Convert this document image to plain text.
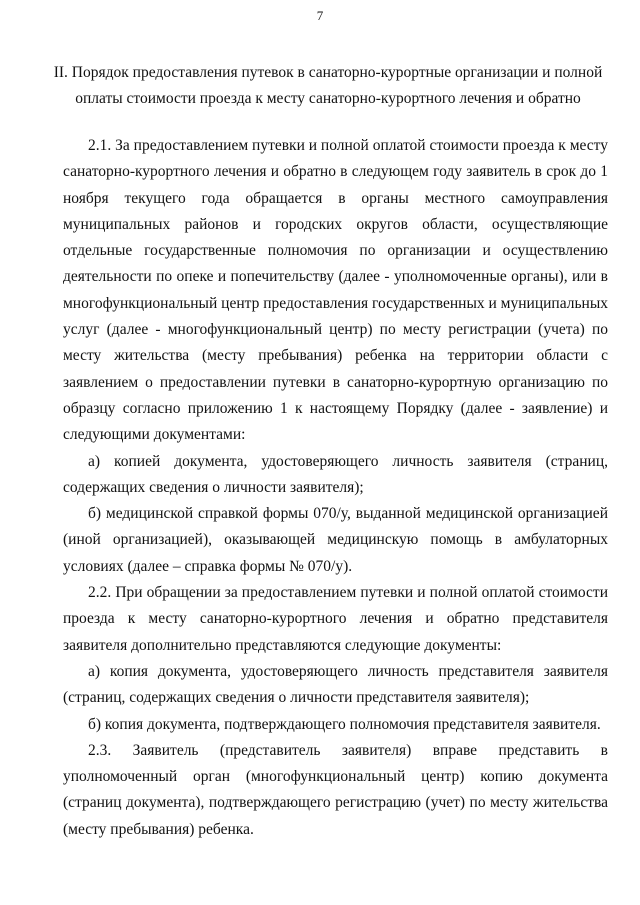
7
II. Порядок предоставления путевок в санаторно-курортные организации и полной оплаты стоимости проезда к месту санаторно-курортного лечения и обратно

2.1. За предоставлением путевки и полной оплатой стоимости проезда к месту санаторно-курортного лечения и обратно в следующем году заявитель в срок до 1 ноября текущего года обращается в органы местного самоуправления муниципальных районов и городских округов области, осуществляющие отдельные государственные полномочия по организации и осуществлению деятельности по опеке и попечительству (далее - уполномоченные органы), или в многофункциональный центр предоставления государственных и муниципальных услуг (далее - многофункциональный центр) по месту регистрации (учета) по месту жительства (месту пребывания) ребенка на территории области с заявлением о предоставлении путевки в санаторно-курортную организацию по образцу согласно приложению 1 к настоящему Порядку (далее - заявление) и следующими документами:

а) копией документа, удостоверяющего личность заявителя (страниц, содержащих сведения о личности заявителя);

б) медицинской справкой формы 070/у, выданной медицинской организацией (иной организацией), оказывающей медицинскую помощь в амбулаторных условиях (далее – справка формы № 070/у).

2.2. При обращении за предоставлением путевки и полной оплатой стоимости проезда к месту санаторно-курортного лечения и обратно представителя заявителя дополнительно представляются следующие документы:

а) копия документа, удостоверяющего личность представителя заявителя (страниц, содержащих сведения о личности представителя заявителя);

б) копия документа, подтверждающего полномочия представителя заявителя.

2.3. Заявитель (представитель заявителя) вправе представить в уполномоченный орган (многофункциональный центр) копию документа (страниц документа), подтверждающего регистрацию (учет) по месту жительства (месту пребывания) ребенка.
